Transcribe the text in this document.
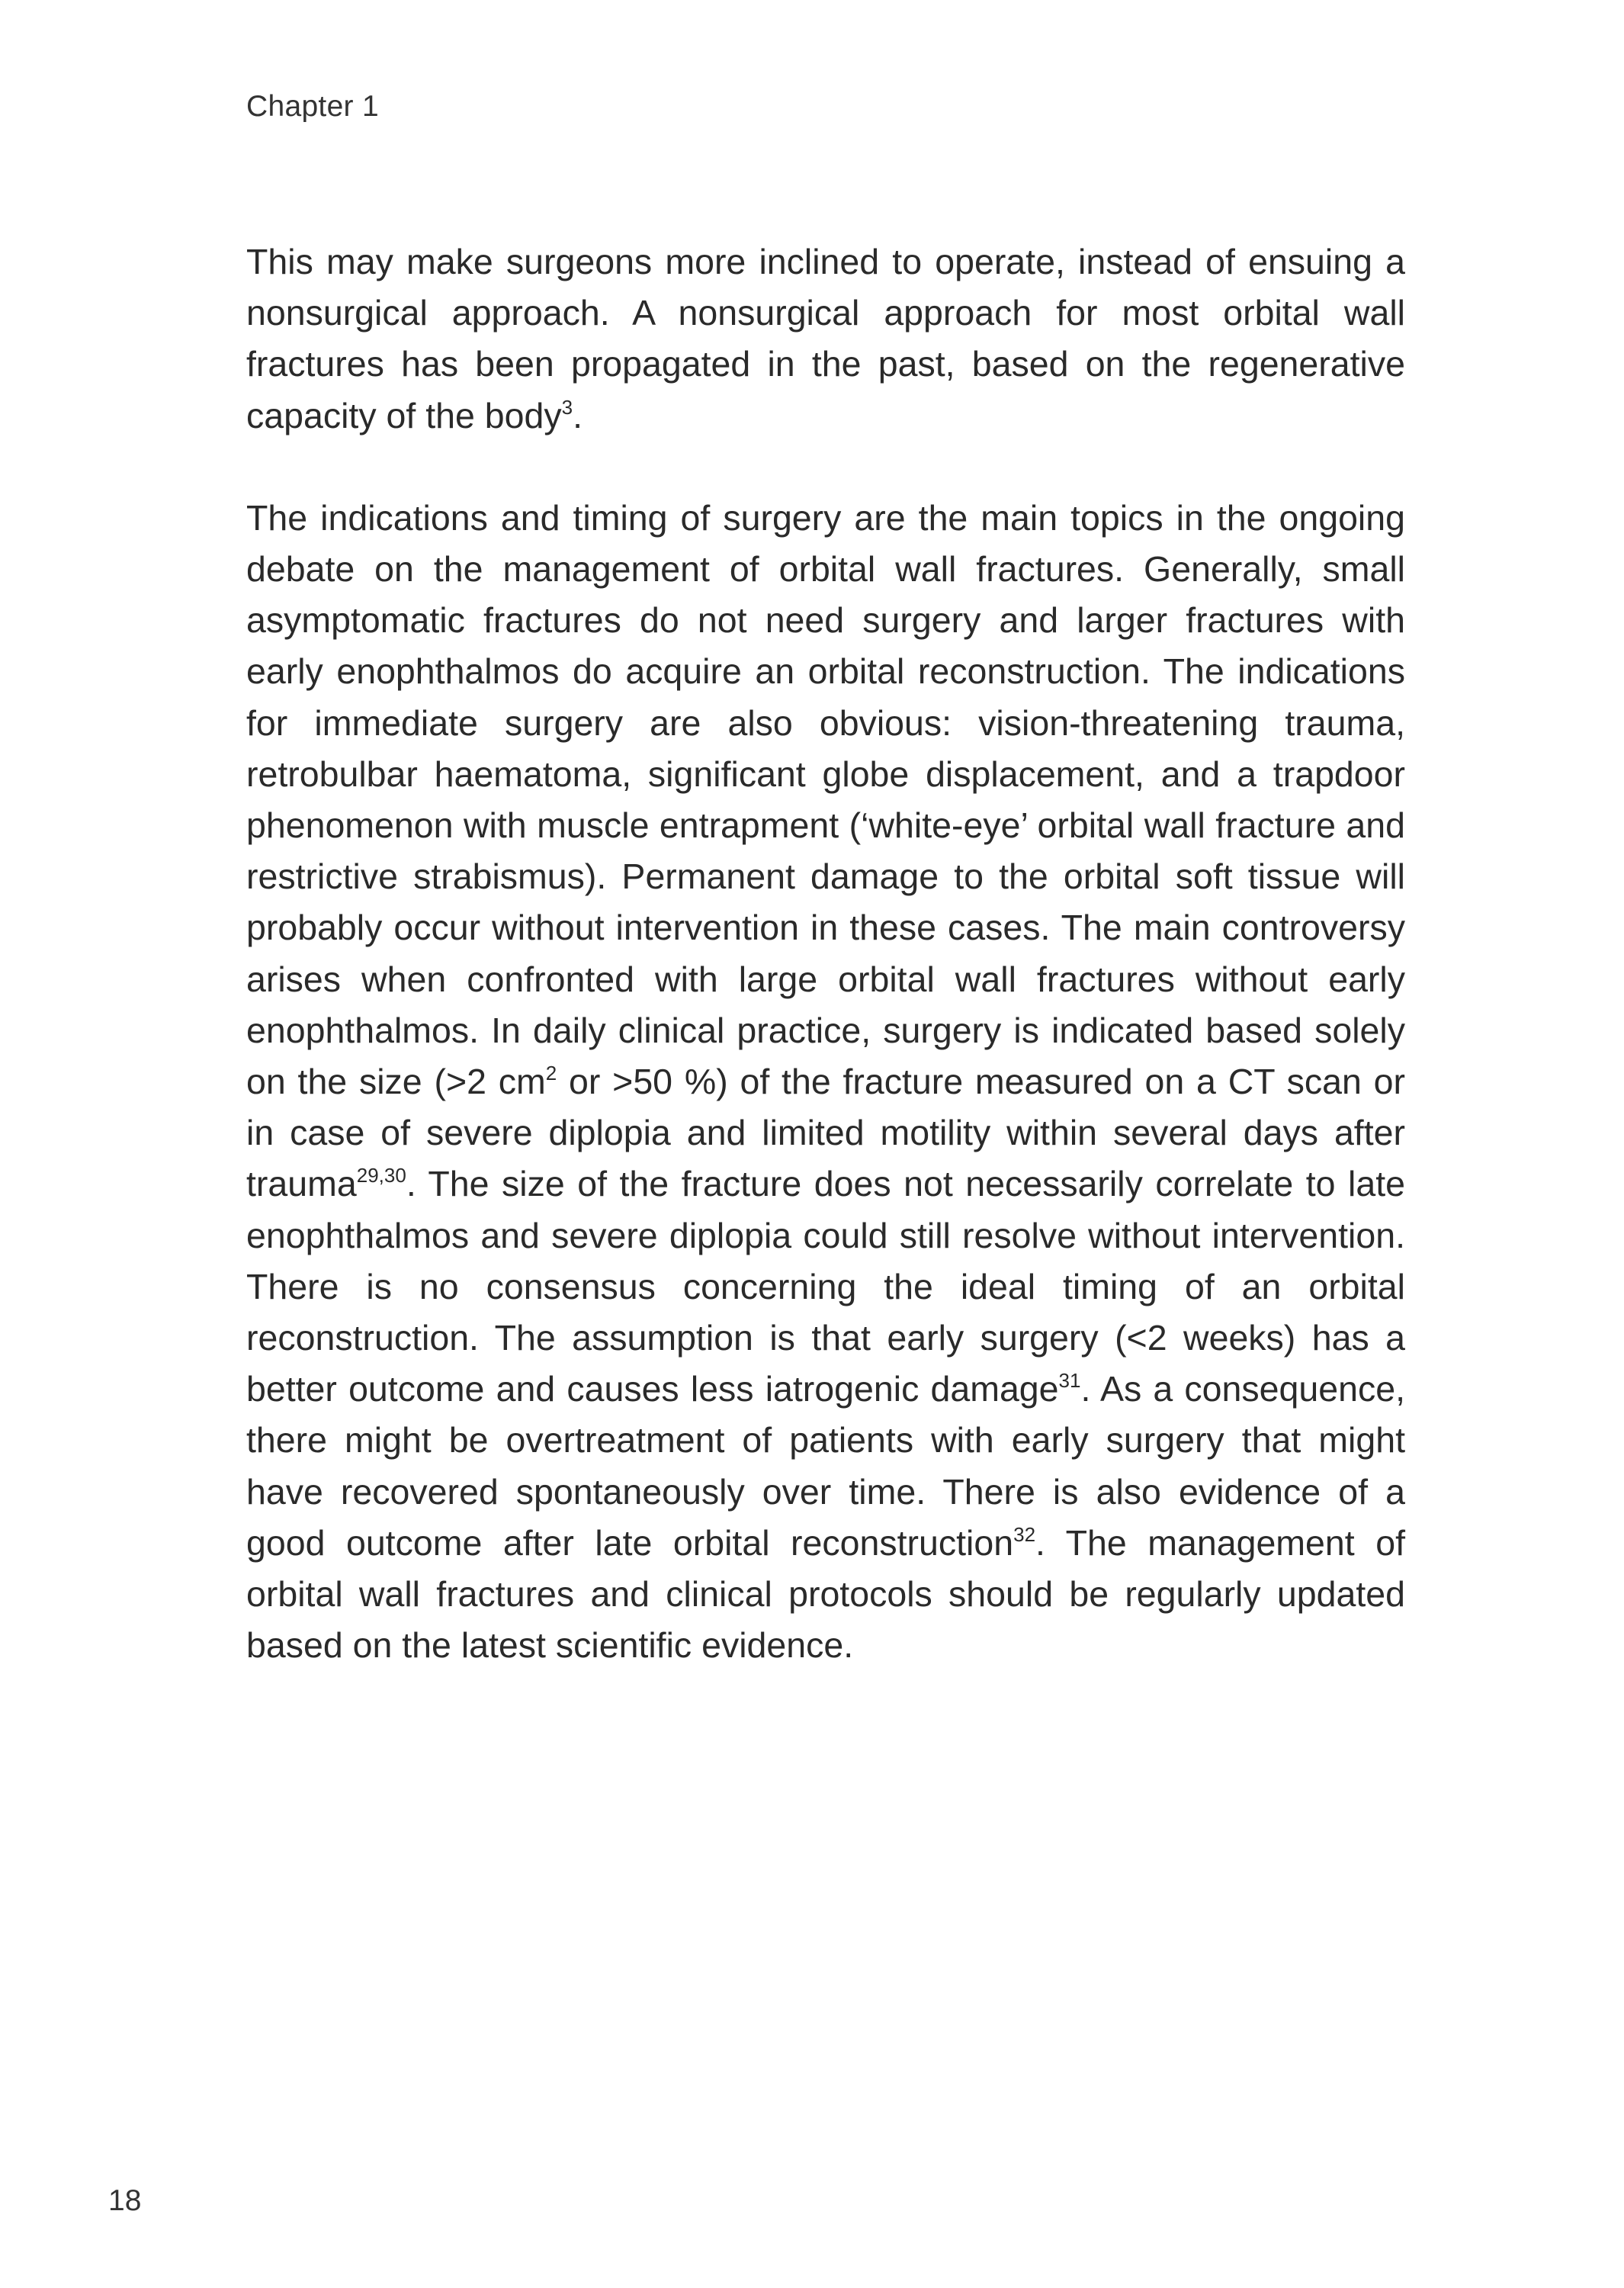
Chapter 1

This may make surgeons more inclined to operate, instead of ensuing a nonsurgical approach. A nonsurgical approach for most orbital wall fractures has been propagated in the past, based on the regenerative capacity of the body$^3$.

The indications and timing of surgery are the main topics in the ongoing debate on the management of orbital wall fractures. Generally, small asymptomatic fractures do not need surgery and larger fractures with early enophthalmos do acquire an orbital reconstruction. The indications for immediate surgery are also obvious: vision-threatening trauma, retrobulbar haematoma, significant globe displacement, and a trapdoor phenomenon with muscle entrapment (‘white-eye’ orbital wall fracture and restrictive strabismus). Permanent damage to the orbital soft tissue will probably occur without intervention in these cases. The main controversy arises when confronted with large orbital wall fractures without early enophthalmos. In daily clinical practice, surgery is indicated based solely on the size (>2 $cm^2$ or >50 %) of the fracture measured on a CT scan or in case of severe diplopia and limited motility within several days after trauma$^{29,30}$. The size of the fracture does not necessarily correlate to late enophthalmos and severe diplopia could still resolve without intervention. There is no consensus concerning the ideal timing of an orbital reconstruction. The assumption is that early surgery (<2 weeks) has a better outcome and causes less iatrogenic damage$^{31}$. As a consequence, there might be overtreatment of patients with early surgery that might have recovered spontaneously over time. There is also evidence of a good outcome after late orbital reconstruction$^{32}$. The management of orbital wall fractures and clinical protocols should be regularly updated based on the latest scientific evidence.

18
